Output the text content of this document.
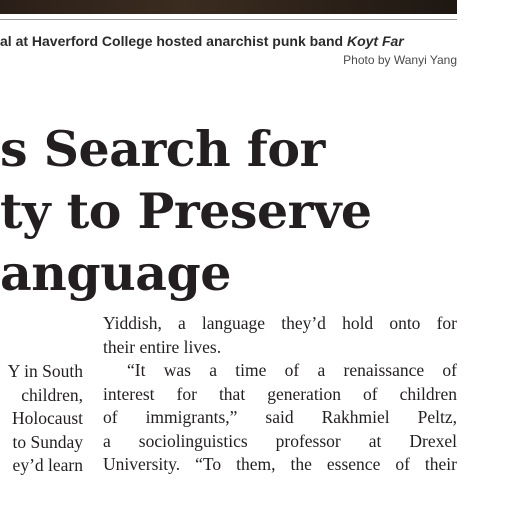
al at Haverford College hosted anarchist punk band Koyt Far
Photo by Wanyi Yang
s Search for
ty to Preserve
anguage
Y in South
children,
Holocaust
to Sunday
ey’d learn
Yiddish, a language they’d hold onto for
their entire lives.
“It was a time of a renaissance of
interest for that generation of children
of immigrants,” said Rakhmiel Peltz,
a sociolinguistics professor at Drexel
University. “To them, the essence of their
